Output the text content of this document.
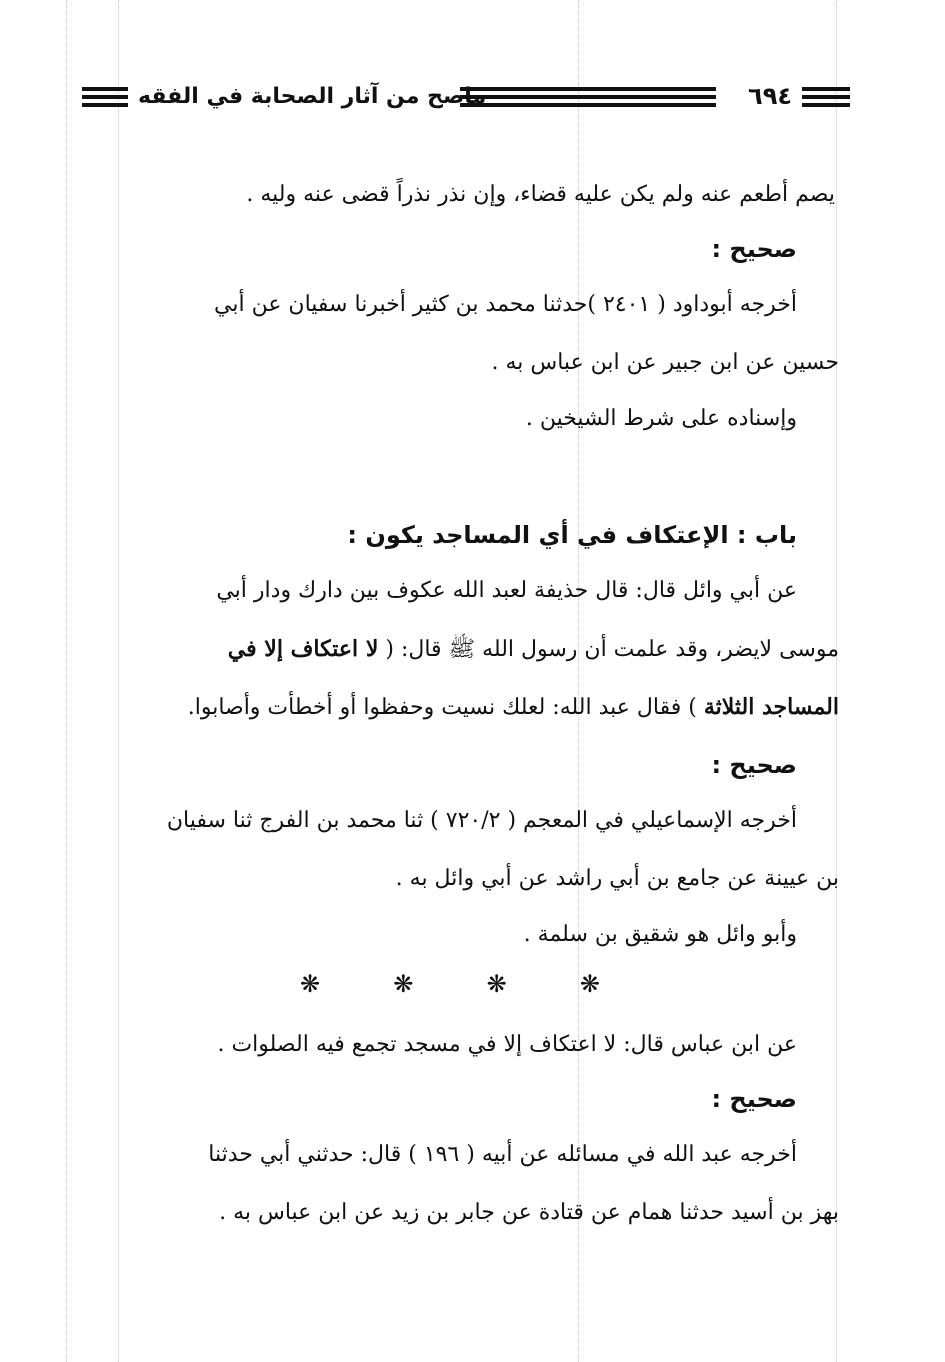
٦٩٤
ماصح من آثار الصحابة في الفقه
يصم أطعم عنه ولم يكن عليه قضاء، وإن نذر نذراً قضى عنه وليه .
صحيح :
أخرجه أبوداود ( ٢٤٠١ )حدثنا محمد بن كثير أخبرنا سفيان عن أبي
حسين عن ابن جبير عن ابن عباس به .
وإسناده على شرط الشيخين .
باب : الإعتكاف في أي المساجد يكون :
عن أبي وائل قال: قال حذيفة لعبد الله عكوف بين دارك ودار أبي
موسى لايضر، وقد علمت أن رسول الله ﷺ قال: ( لا اعتكاف إلا في
المساجد الثلاثة ) فقال عبد الله: لعلك نسيت وحفظوا أو أخطأت وأصابوا.
صحيح :
أخرجه الإسماعيلي في المعجم ( ٧٢٠/٢ ) ثنا محمد بن الفرج ثنا سفيان
بن عيينة عن جامع بن أبي راشد عن أبي وائل به .
وأبو وائل هو شقيق بن سلمة .
❋	❋	❋	❋
عن ابن عباس قال: لا اعتكاف إلا في مسجد تجمع فيه الصلوات .
صحيح :
أخرجه عبد الله في مسائله عن أبيه ( ١٩٦ ) قال: حدثني أبي حدثنا
بهز بن أسيد حدثنا همام عن قتادة عن جابر بن زيد عن ابن عباس به .
